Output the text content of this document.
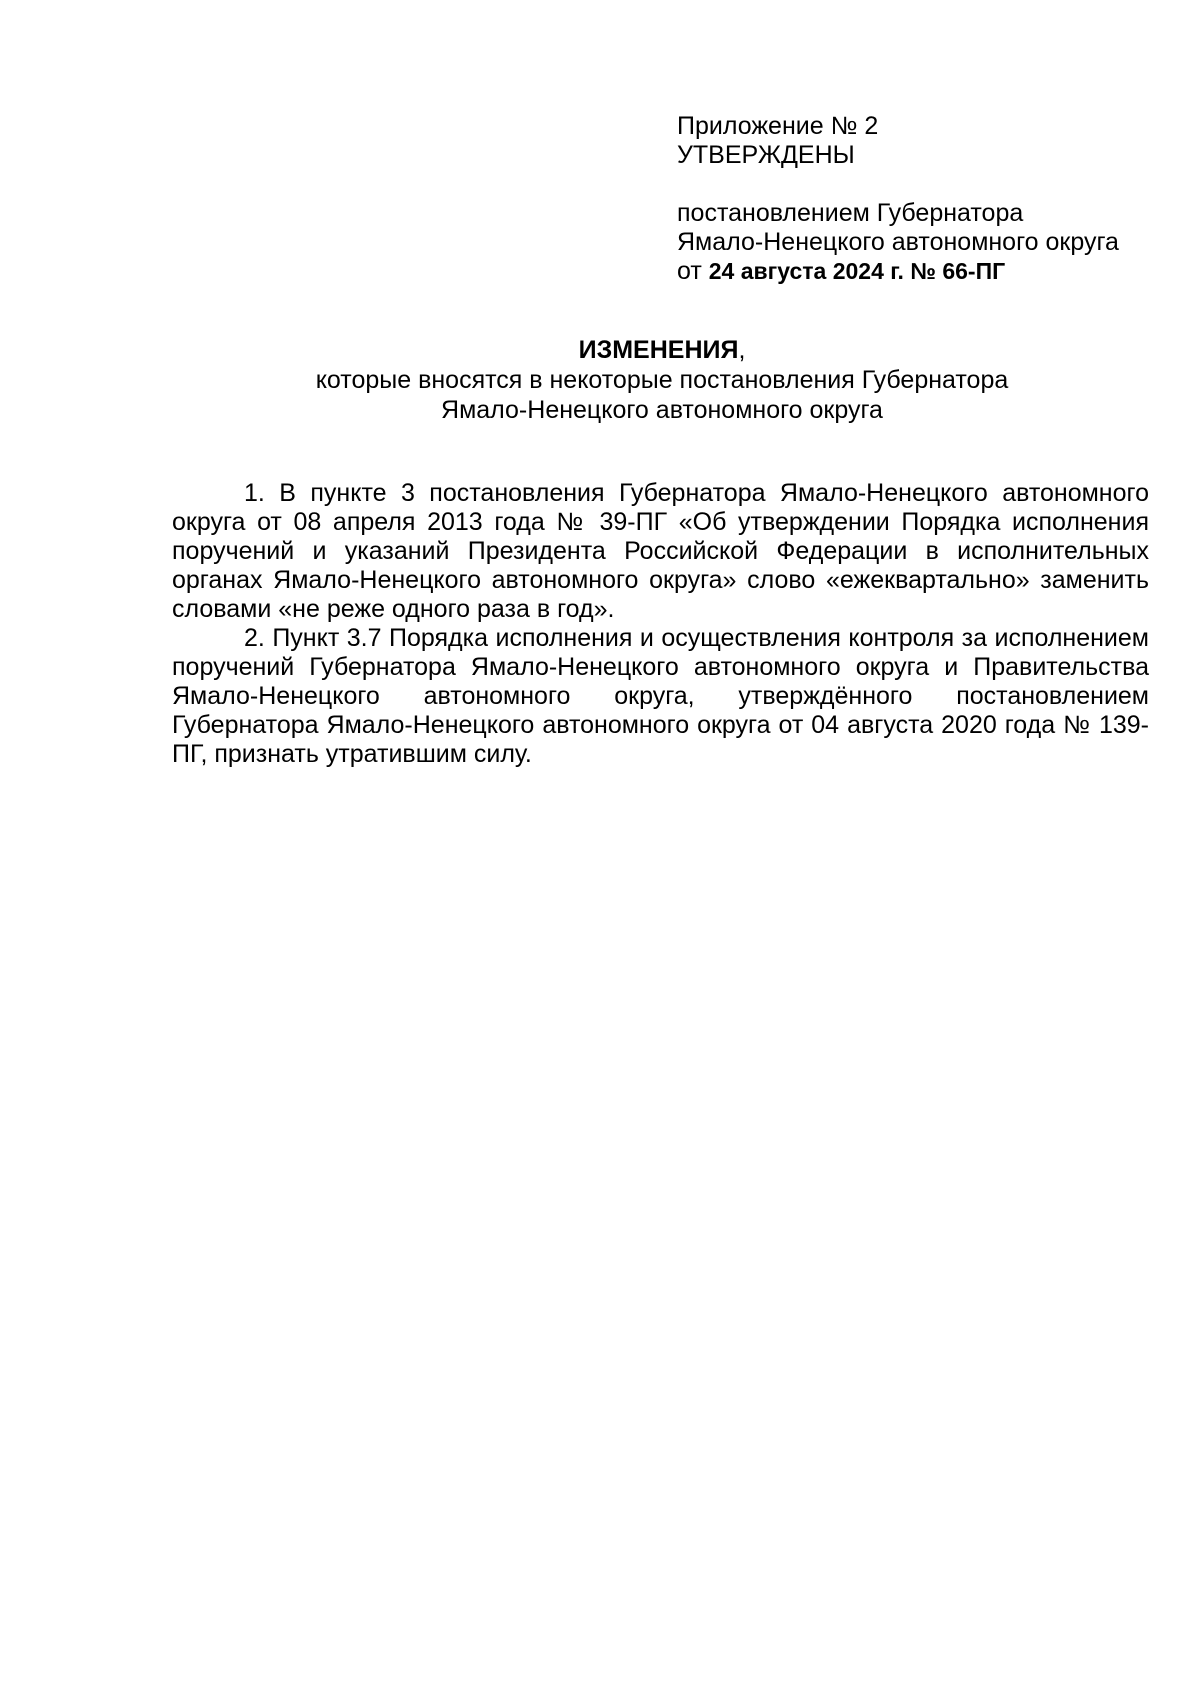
Приложение № 2
УТВЕРЖДЕНЫ
постановлением Губернатора
Ямало-Ненецкого автономного округа
от 24 августа 2024 г. № 66-ПГ
ИЗМЕНЕНИЯ,
которые вносятся в некоторые постановления Губернатора
Ямало-Ненецкого автономного округа

1. В пункте 3 постановления Губернатора Ямало-Ненецкого автономного округа от 08 апреля 2013 года № 39-ПГ «Об утверждении Порядка исполнения поручений и указаний Президента Российской Федерации в исполнительных органах Ямало-Ненецкого автономного округа» слово «ежеквартально» заменить словами «не реже одного раза в год».

2. Пункт 3.7 Порядка исполнения и осуществления контроля за исполнением поручений Губернатора Ямало-Ненецкого автономного округа и Правительства Ямало-Ненецкого автономного округа, утверждённого постановлением Губернатора Ямало-Ненецкого автономного округа от 04 августа 2020 года № 139-ПГ, признать утратившим силу.
